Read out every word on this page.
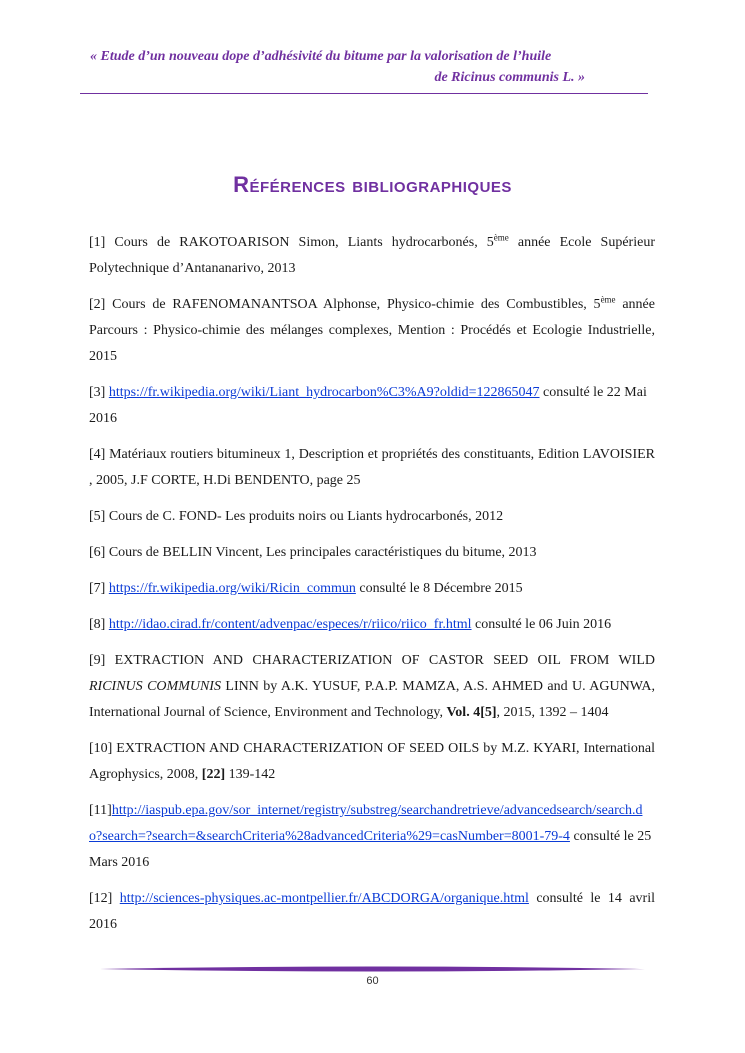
« Etude d’un nouveau dope d’adhésivité du bitume par la valorisation de l’huile
de Ricinus communis L. »
Références bibliographiques

[1] Cours de RAKOTOARISON Simon, Liants hydrocarbonés, 5ème année Ecole Supérieur Polytechnique d’Antananarivo, 2013

[2] Cours de RAFENOMANANTSOA Alphonse, Physico-chimie des Combustibles, 5ème année Parcours : Physico-chimie des mélanges complexes, Mention : Procédés et Ecologie Industrielle, 2015

[3] https://fr.wikipedia.org/wiki/Liant_hydrocarbon%C3%A9?oldid=122865047 consulté le 22 Mai 2016

[4] Matériaux routiers bitumineux 1, Description et propriétés des constituants, Edition LAVOISIER , 2005, J.F CORTE, H.Di BENDENTO, page 25

[5] Cours de C. FOND- Les produits noirs ou Liants hydrocarbonés, 2012

[6] Cours de BELLIN Vincent, Les principales caractéristiques du bitume, 2013

[7] https://fr.wikipedia.org/wiki/Ricin_commun consulté le 8 Décembre 2015

[8] http://idao.cirad.fr/content/advenpac/especes/r/riico/riico_fr.html consulté le 06 Juin 2016

[9] EXTRACTION AND CHARACTERIZATION OF CASTOR SEED OIL FROM WILD RICINUS COMMUNIS LINN by A.K. YUSUF, P.A.P. MAMZA, A.S. AHMED and U. AGUNWA, International Journal of Science, Environment and Technology, Vol. 4[5], 2015, 1392 – 1404

[10] EXTRACTION AND CHARACTERIZATION OF SEED OILS by M.Z. KYARI, International Agrophysics, 2008, [22] 139-142

[11]http://iaspub.epa.gov/sor_internet/registry/substreg/searchandretrieve/advancedsearch/search.do?search=?search=&searchCriteria%28advancedCriteria%29=casNumber=8001-79-4 consulté le 25 Mars 2016

[12] http://sciences-physiques.ac-montpellier.fr/ABCDORGA/organique.html consulté le 14 avril 2016

60
